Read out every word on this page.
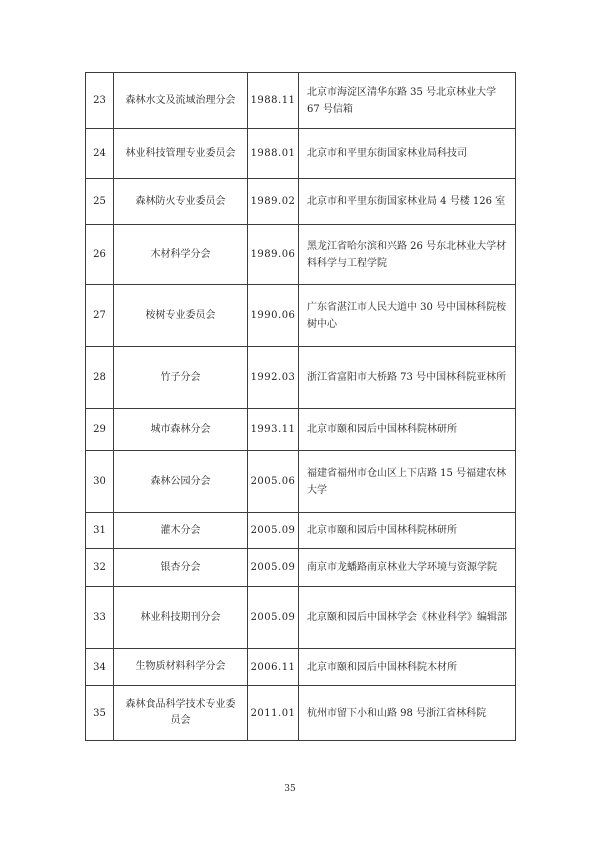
23	森林水文及流域治理分会	1988.11	北京市海淀区清华东路 35 号北京林业大学 67 号信箱
24	林业科技管理专业委员会	1988.01	北京市和平里东街国家林业局科技司
25	森林防火专业委员会	1989.02	北京市和平里东街国家林业局 4 号楼 126 室
26	木材科学分会	1989.06	黑龙江省哈尔滨和兴路 26 号东北林业大学材料科学与工程学院
27	桉树专业委员会	1990.06	广东省湛江市人民大道中 30 号中国林科院桉树中心
28	竹子分会	1992.03	浙江省富阳市大桥路 73 号中国林科院亚林所
29	城市森林分会	1993.11	北京市颐和园后中国林科院林研所
30	森林公园分会	2005.06	福建省福州市仓山区上下店路 15 号福建农林大学
31	灌木分会	2005.09	北京市颐和园后中国林科院林研所
32	银杏分会	2005.09	南京市龙蟠路南京林业大学环境与资源学院
33	林业科技期刊分会	2005.09	北京颐和园后中国林学会《林业科学》编辑部
34	生物质材料科学分会	2006.11	北京市颐和园后中国林科院木材所
35	森林食品科学技术专业委员会	2011.01	杭州市留下小和山路 98 号浙江省林科院
35
